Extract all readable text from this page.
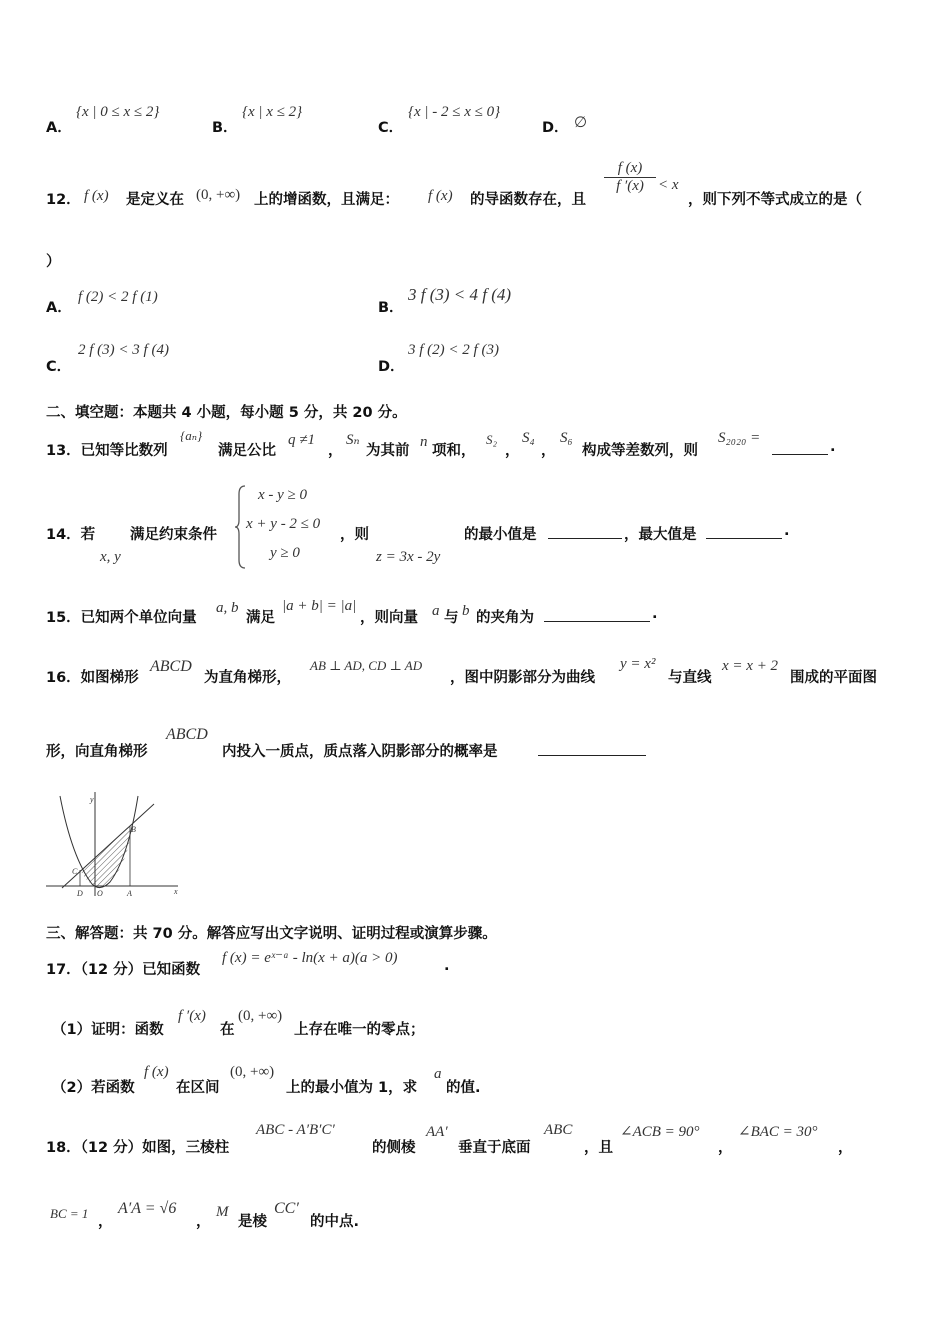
A．
{x | 0 ≤ x ≤ 2}
B．
{x | x ≤ 2}
C．
{x | - 2 ≤ x ≤ 0}
D． ∅
12． f (x) 是定义在 (0, +∞) 上的增函数，且满足： f (x) 的导函数存在，且
$\frac{f (x)}{f '(x)} < x$
，则下列不等式成立的是（
）
A．
f (2) < 2 f (1)
B．
3 f (3) < 4 f (4)
C．
2 f (3) < 3 f (4)
D．
3 f (2) < 2 f (3)
二、填空题：本题共 4 小题，每小题 5 分，共 20 分。
13．已知等比数列
{aₙ}
满足公比
q ≠1
，
Sₙ
为其前
n
项和，
S₂
，
S₄
，
S₆
构成等差数列，则
S₂₀₂₀ =
.
14．若
x, y
满足约束条件
x - y ≥ 0
x + y - 2 ≤ 0
y ≥ 0
，则
z = 3x - 2y
的最小值是	，最大值是	.
15．已知两个单位向量
a, b
满足
|a + b| = |a|
，则向量 a 与 b 的夹角为	.
16．如图梯形
ABCD
为直角梯形，
AB ⊥ AD, CD ⊥ AD
，图中阴影部分为曲线
y = x²
与直线
x = x + 2
围成的平面图
形，向直角梯形
ABCD
内投入一质点，质点落入阴影部分的概率是
y
x
B
C
D O	A
三、解答题：共 70 分。解答应写出文字说明、证明过程或演算步骤。
17．（12 分）已知函数
f (x) = eˣ⁻ᵃ - ln(x + a)(a > 0)	.
（1）证明：函数
f ′(x)
在
(0, +∞)
上存在唯一的零点；
（2）若函数
f (x)
在区间
(0, +∞)
上的最小值为 1，求
a
的值.
18．（12 分）如图，三棱柱
ABC - A′B′C′
的侧棱
AA′
垂直于底面
ABC
，且
∠ACB = 90°
，
∠BAC = 30°
，
BC = 1
，
A′A = √6
，
M
是棱
CC′
的中点.
